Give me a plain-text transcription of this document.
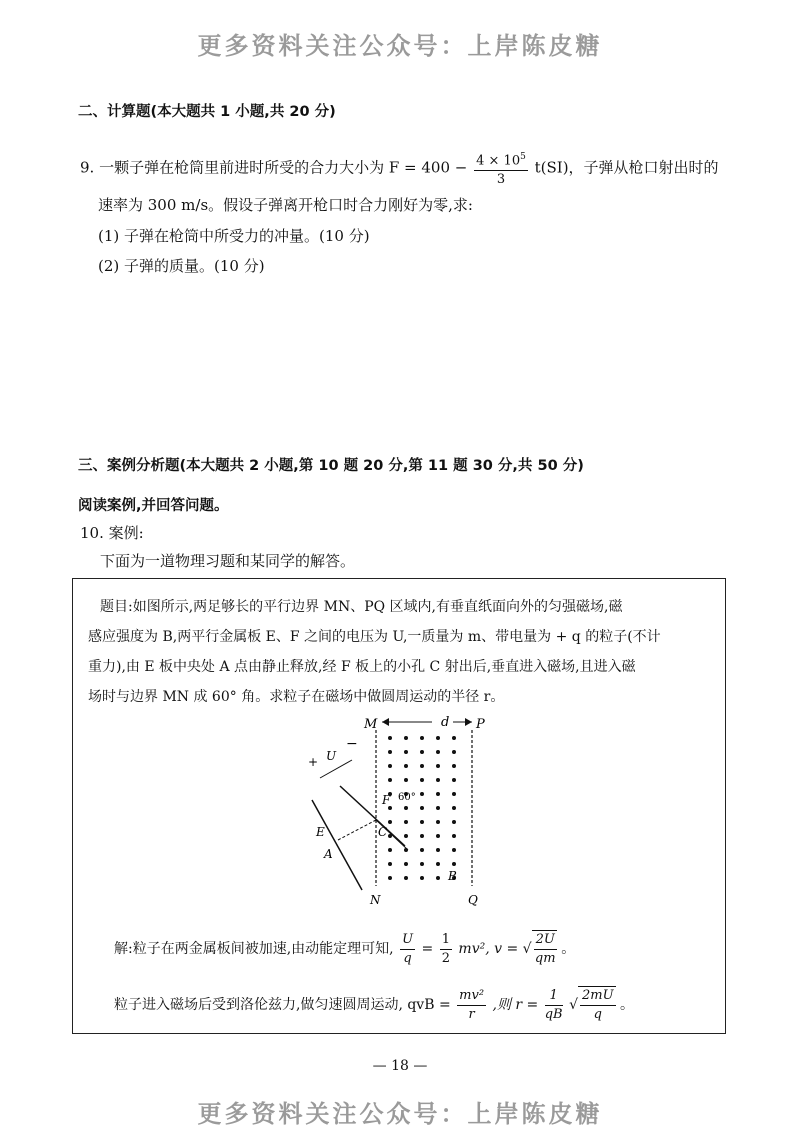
更多资料关注公众号：上岸陈皮糖
二、计算题(本大题共 1 小题,共 20 分)
9. 一颗子弹在枪筒里前进时所受的合力大小为 $F = 400 - \frac{4 \times 10^5}{3} t(SI)$，子弹从枪口射出时的
速率为 300 m/s。假设子弹离开枪口时合力刚好为零,求:
(1) 子弹在枪筒中所受力的冲量。(10 分)
(2) 子弹的质量。(10 分)
三、案例分析题(本大题共 2 小题,第 10 题 20 分,第 11 题 30 分,共 50 分)
阅读案例,并回答问题。
10. 案例:
下面为一道物理习题和某同学的解答。
题目:如图所示,两足够长的平行边界 MN、PQ 区域内,有垂直纸面向外的匀强磁场,磁
感应强度为 B,两平行金属板 E、F 之间的电压为 U,一质量为 m、带电量为 + q 的粒子(不计
重力),由 E 板中央处 A 点由静止释放,经 F 板上的小孔 C 射出后,垂直进入磁场,且进入磁
场时与边界 MN 成 60° 角。求粒子在磁场中做圆周运动的半径 r。
M	P
d
60°
+ U
−
E
A
F
C
B
N	Q
解:粒子在两金属板间被加速,由动能定理可知, $\frac{U}{q} = \frac{1}{2} mv^2$, v = √ $\frac{2U}{qm}$ 。
粒子进入磁场后受到洛伦兹力,做匀速圆周运动, qvB = $\frac{\text{mv²}}{r}$ ,则 $r = \frac{1}{qB}$ √ $\frac{2mU}{q}$ 。
— 18 —
更多资料关注公众号：上岸陈皮糖
